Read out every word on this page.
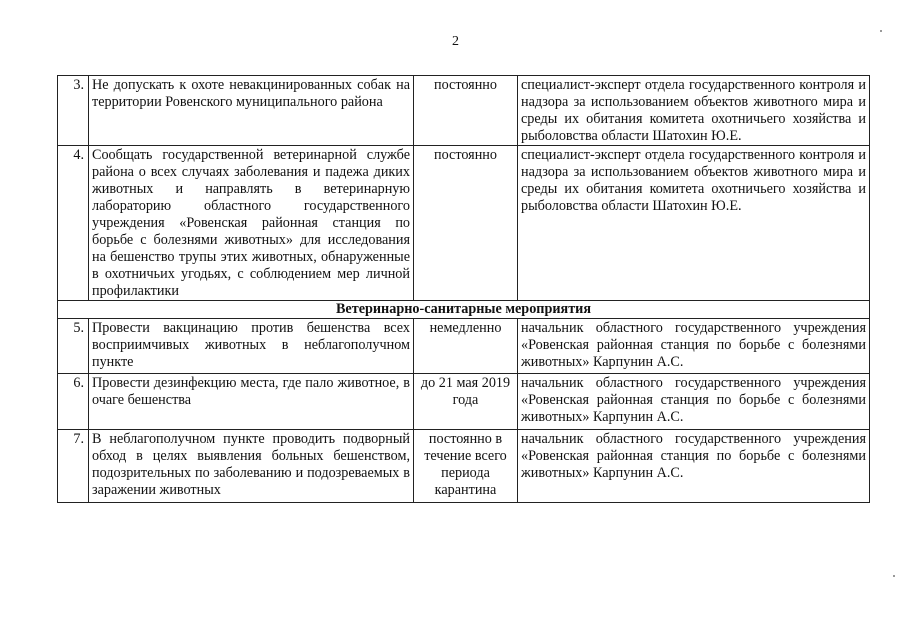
2
3.	Не допускать к охоте невакцинированных собак на территории Ровенского муниципального района	постоянно	специалист-эксперт отдела государственного контроля и надзора за использованием объектов животного мира и среды их обитания комитета охотничьего хозяйства и рыболовства области Шатохин Ю.Е.
4.	Сообщать государственной ветеринарной службе района о всех случаях заболевания и падежа диких животных и направлять в ветеринарную лабораторию областного государственного учреждения «Ровенская районная станция по борьбе с болезнями животных» для исследования на бешенство трупы этих животных, обнаруженные в охотничьих угодьях, с соблюдением мер личной профилактики	постоянно	специалист-эксперт отдела государственного контроля и надзора за использованием объектов животного мира и среды их обитания комитета охотничьего хозяйства и рыболовства области Шатохин Ю.Е.
Ветеринарно-санитарные мероприятия			
5.	Провести вакцинацию против бешенства всех восприимчивых животных в неблагополучном пункте	немедленно	начальник областного государственного учреждения «Ровенская районная станция по борьбе с болезнями животных» Карпунин А.С.
6.	Провести дезинфекцию места, где пало животное, в очаге бешенства	до 21 мая 2019 года	начальник областного государственного учреждения «Ровенская районная станция по борьбе с болезнями животных» Карпунин А.С.
7.	В неблагополучном пункте проводить подворный обход в целях выявления больных бешенством, подозрительных по заболеванию и подозреваемых в заражении животных	постоянно в течение всего периода карантина	начальник областного государственного учреждения «Ровенская районная станция по борьбе с болезнями животных» Карпунин А.С.
